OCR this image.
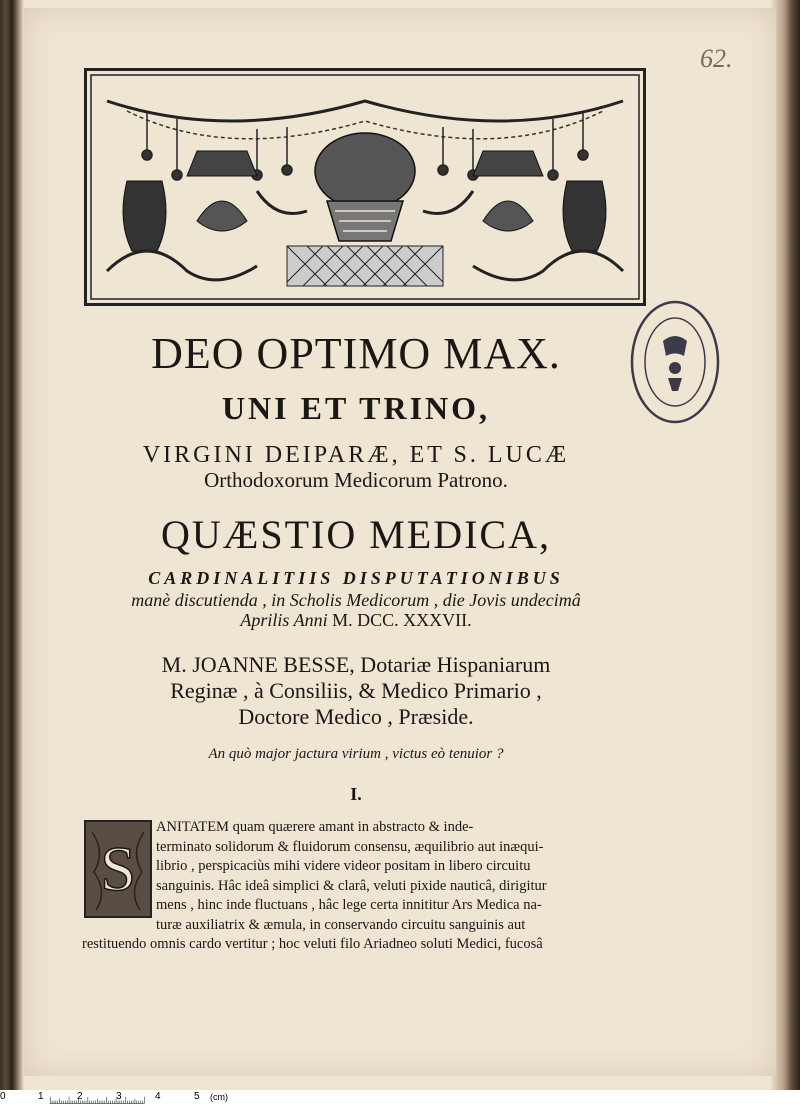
62.
DEO OPTIMO MAX.
UNI ET TRINO,
VIRGINI DEIPARÆ, ET S. LUCÆ
Orthodoxorum Medicorum Patrono.
QUÆSTIO MEDICA,
CARDINALITIIS DISPUTATIONIBUS
manè discutienda , in Scholis Medicorum , die Jovis undecimâ
Aprilis Anni M. DCC. XXXVII.
M. JOANNE BESSE, Dotariæ Hispaniarum
Reginæ , à Consiliis, & Medico Primario ,
Doctore Medico , Præside.
An quò major jactura virium , victus eò tenuior ?
I.
S
ANITATEM quam quærere amant in abstracto & inde-
terminato solidorum & fluidorum consensu, æquilibrio aut inæqui-
librio , perspicaciùs mihi videre videor positam in libero circuitu
sanguinis. Hâc ideâ simplici & clarâ, veluti pixide nauticâ, dirigitur
mens , hinc inde fluctuans , hâc lege certa innititur Ars Medica na-
turæ auxiliatrix & æmula, in conservando circuitu sanguinis aut
restituendo omnis cardo vertitur ; hoc veluti filo Ariadneo soluti Medici, fucosâ
0	1	2	3	4	5 (cm)
